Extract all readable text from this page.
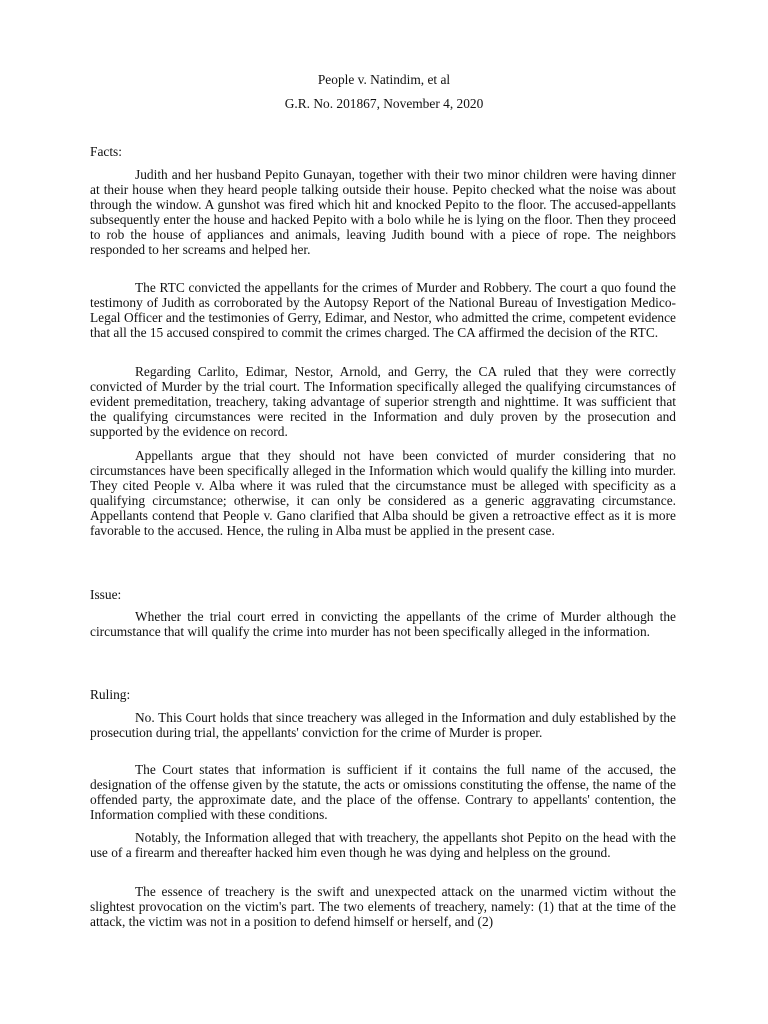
People v. Natindim, et al

G.R. No. 201867, November 4, 2020

Facts:

Judith and her husband Pepito Gunayan, together with their two minor children were having dinner at their house when they heard people talking outside their house. Pepito checked what the noise was about through the window. A gunshot was fired which hit and knocked Pepito to the floor. The accused-appellants subsequently enter the house and hacked Pepito with a bolo while he is lying on the floor. Then they proceed to rob the house of appliances and animals, leaving Judith bound with a piece of rope. The neighbors responded to her screams and helped her.

The RTC convicted the appellants for the crimes of Murder and Robbery. The court a quo found the testimony of Judith as corroborated by the Autopsy Report of the National Bureau of Investigation Medico-Legal Officer and the testimonies of Gerry, Edimar, and Nestor, who admitted the crime, competent evidence that all the 15 accused conspired to commit the crimes charged. The CA affirmed the decision of the RTC.

Regarding Carlito, Edimar, Nestor, Arnold, and Gerry, the CA ruled that they were correctly convicted of Murder by the trial court. The Information specifically alleged the qualifying circumstances of evident premeditation, treachery, taking advantage of superior strength and nighttime. It was sufficient that the qualifying circumstances were recited in the Information and duly proven by the prosecution and supported by the evidence on record.

Appellants argue that they should not have been convicted of murder considering that no circumstances have been specifically alleged in the Information which would qualify the killing into murder. They cited People v. Alba where it was ruled that the circumstance must be alleged with specificity as a qualifying circumstance; otherwise, it can only be considered as a generic aggravating circumstance. Appellants contend that People v. Gano clarified that Alba should be given a retroactive effect as it is more favorable to the accused. Hence, the ruling in Alba must be applied in the present case.

Issue:

Whether the trial court erred in convicting the appellants of the crime of Murder although the circumstance that will qualify the crime into murder has not been specifically alleged in the information.

Ruling:

No. This Court holds that since treachery was alleged in the Information and duly established by the prosecution during trial, the appellants' conviction for the crime of Murder is proper.

The Court states that information is sufficient if it contains the full name of the accused, the designation of the offense given by the statute, the acts or omissions constituting the offense, the name of the offended party, the approximate date, and the place of the offense. Contrary to appellants' contention, the Information complied with these conditions.

Notably, the Information alleged that with treachery, the appellants shot Pepito on the head with the use of a firearm and thereafter hacked him even though he was dying and helpless on the ground.

The essence of treachery is the swift and unexpected attack on the unarmed victim without the slightest provocation on the victim's part. The two elements of treachery, namely: (1) that at the time of the attack, the victim was not in a position to defend himself or herself, and (2)
